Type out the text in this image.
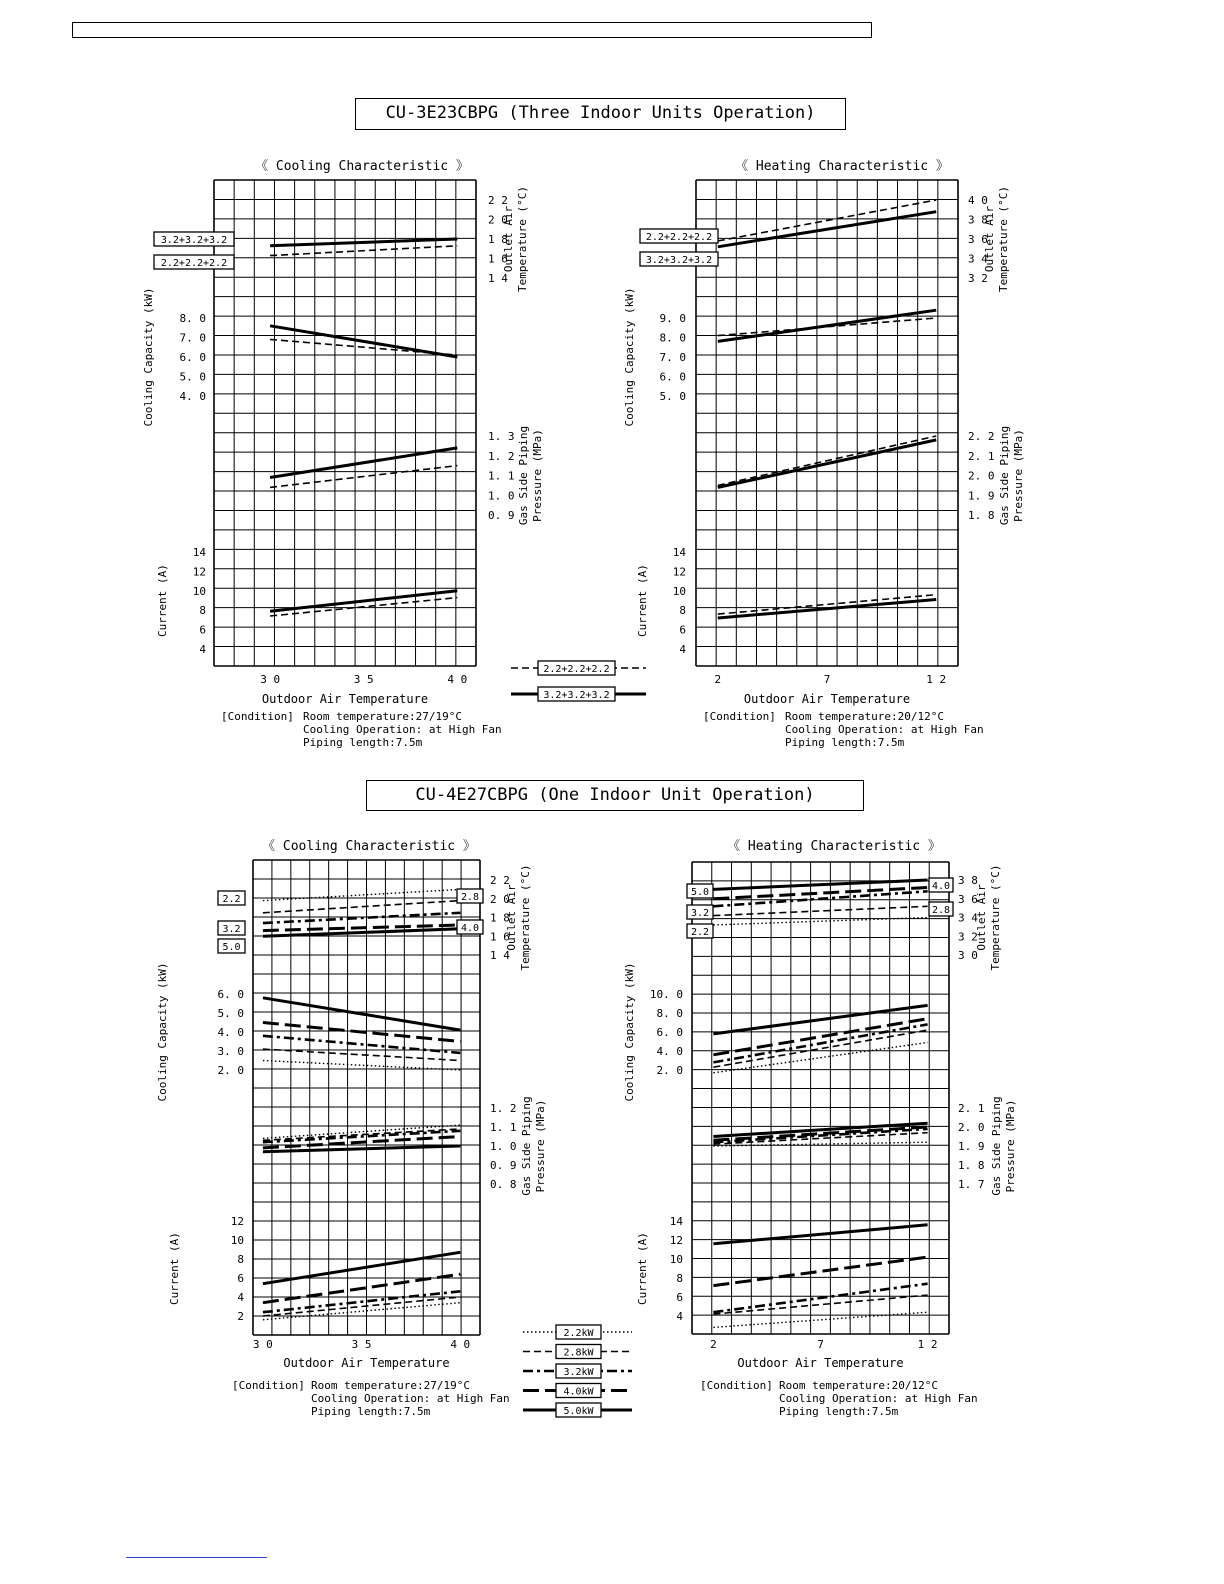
CU-3E23CBPG (Three Indoor Units Operation)
CU-4E27CBPG (One Indoor Unit Operation)
《 Cooling Characteristic 》
3 0	3 5	4 0
Outdoor Air Temperature
[Condition] Room temperature:27/19°C
Cooling Operation: at High Fan
Piping length:7.5m
2 2
2 0
1 8
1 6
1 4
Outlet Air Temperature (°C)
8. 0
7. 0
6. 0
5. 0
4. 0
Cooling Capacity (kW)
1. 3
1. 2
1. 1
1. 0
0. 9 Gas Side Piping Pressure (MPa)
14
12
10
8
6
4
Current (A)
3.2+3.2+3.2
2.2+2.2+2.2
《 Heating Characteristic 》
2	7	1 2
Outdoor Air Temperature
[Condition] Room temperature:20/12°C
Cooling Operation: at High Fan
Piping length:7.5m
4 0
3 8
3 6
3 4
3 2
Outlet Air Temperature (°C)
9. 0
8. 0
7. 0
6. 0
5. 0
Cooling Capacity (kW)
2. 2
2. 1
2. 0
1. 9
1. 8 Gas Side Piping Pressure (MPa)
14
12
10
8
6
4
Current (A)
2.2+2.2+2.2
3.2+3.2+3.2
《 Cooling Characteristic 》
3 0	3 5	4 0
Outdoor Air Temperature
[Condition] Room temperature:27/19°C
Cooling Operation: at High Fan
Piping length:7.5m
2 2
2 0
1 8
1 6
1 4
Outlet Air Temperature (°C)
6. 0
5. 0
4. 0
3. 0
2. 0
Cooling Capacity (kW)
1. 2
1. 1
1. 0
0. 9
0. 8 Gas Side Piping Pressure (MPa)
12
10
8
6
4
2
Current (A)
2.2
3.2
5.0
2.8
4.0
《 Heating Characteristic 》
2	7	1 2
Outdoor Air Temperature
[Condition] Room temperature:20/12°C
Cooling Operation: at High Fan
Piping length:7.5m
3 8
3 6
3 4
3 2
3 0
Outlet Air Temperature (°C)
10. 0
8. 0
6. 0
4. 0
2. 0
Cooling Capacity (kW)
2. 1
2. 0
1. 9
1. 8
1. 7 Gas Side Piping Pressure (MPa)
14
12
10
8
6
4
Current (A)
5.0
3.2
2.2
4.0
2.8
2.2+2.2+2.2
3.2+3.2+3.2
2.2kW
2.8kW
3.2kW
4.0kW
5.0kW
